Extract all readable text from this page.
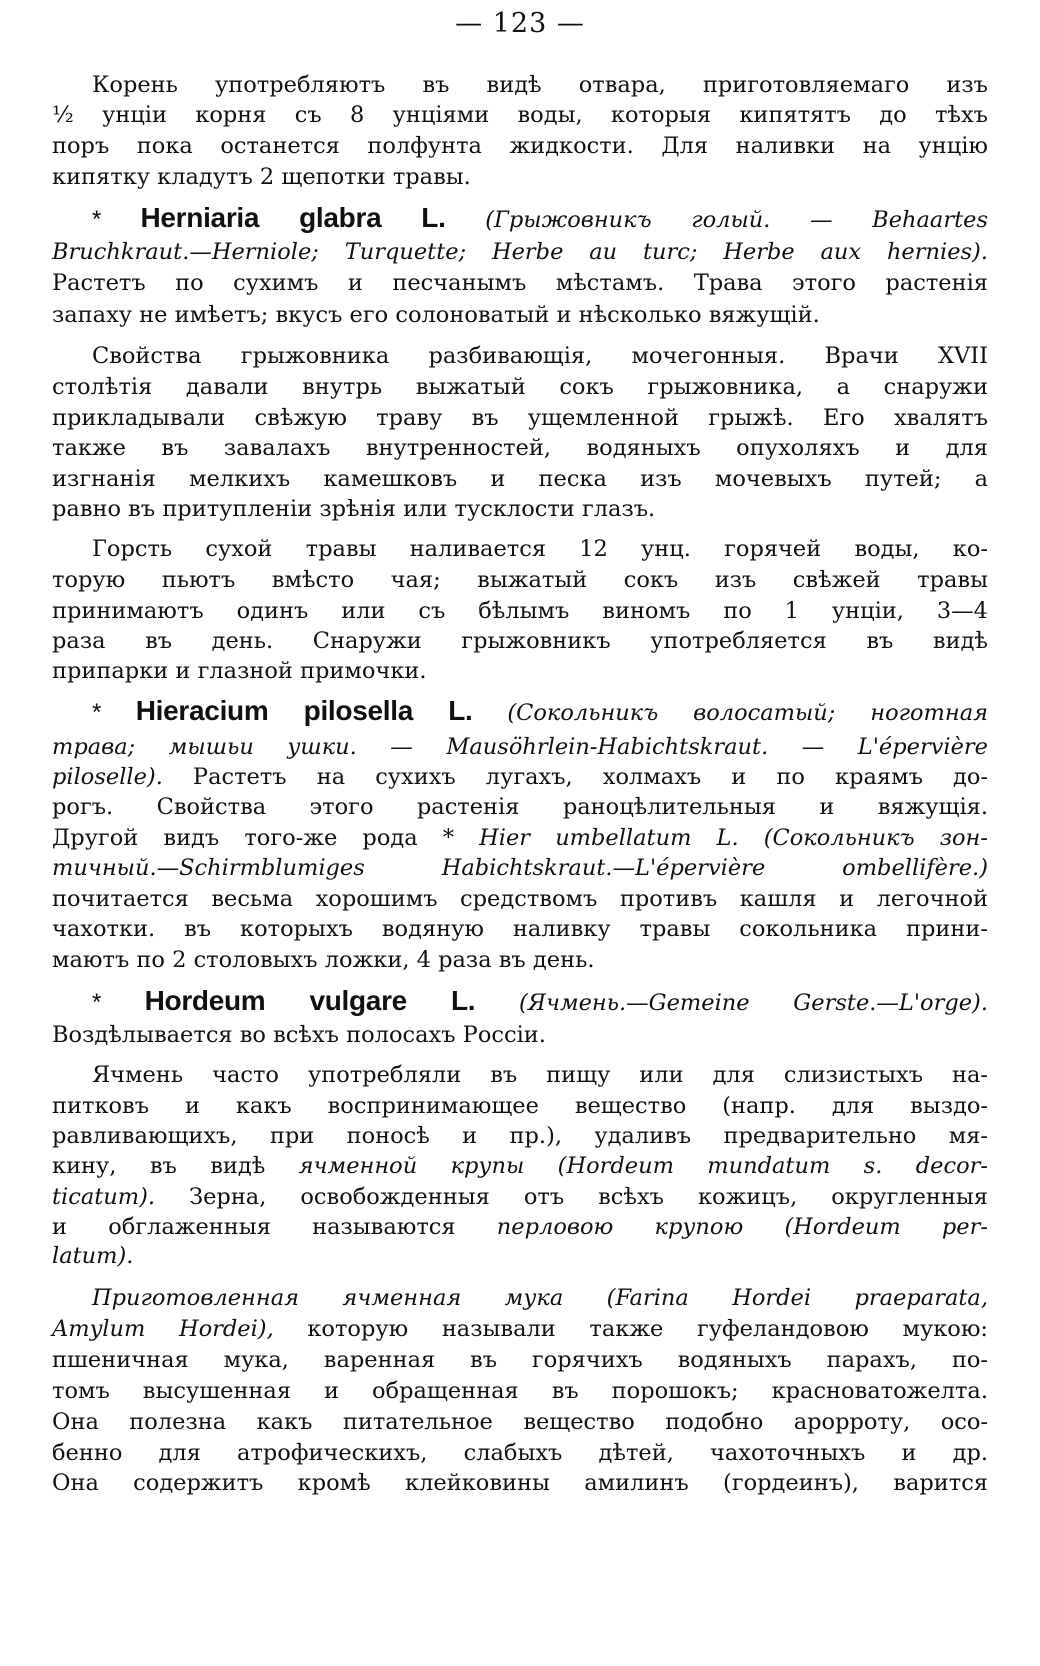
— 123 —
Корень употребляютъ въ видѣ отвара, приготовляемаго изъ
½ унціи корня съ 8 унціями воды, которыя кипятятъ до тѣхъ
поръ пока останется полфунта жидкости. Для наливки на унцію
кипятку кладутъ 2 щепотки травы.
* Herniaria glabra L. (Грыжовникъ голый. — Behaartes
Bruchkraut.—Herniole; Turquette; Herbe au turc; Herbe aux hernies).
Растетъ по сухимъ и песчанымъ мѣстамъ. Трава этого растенія
запаху не имѣетъ; вкусъ его солоноватый и нѣсколько вяжущій.
Свойства грыжовника разбивающія, мочегонныя. Врачи XVII
столѣтія давали внутрь выжатый сокъ грыжовника, а снаружи
прикладывали свѣжую траву въ ущемленной грыжѣ. Его хвалятъ
также въ завалахъ внутренностей, водяныхъ опухоляхъ и для
изгнанія мелкихъ камешковъ и песка изъ мочевыхъ путей; а
равно въ притупленіи зрѣнія или тусклости глазъ.
Горсть сухой травы наливается 12 унц. горячей воды, ко-
торую пьютъ вмѣсто чая; выжатый сокъ изъ свѣжей травы
принимаютъ одинъ или съ бѣлымъ виномъ по 1 унціи, 3—4
раза въ день. Снаружи грыжовникъ употребляется въ видѣ
припарки и глазной примочки.
* Hieracium pilosella L. (Сокольникъ волосатый; ноготная
трава; мышьи ушки. — Mausöhrlein-Habichtskraut. — L'épervière
piloselle). Растетъ на сухихъ лугахъ, холмахъ и по краямъ до-
рогъ. Свойства этого растенія раноцѣлительныя и вяжущія.
Другой видъ того-же рода * Hier umbellatum L. (Сокольникъ зон-
тичный.—Schirmblumiges Habichtskraut.—L'épervière ombellifère.)
почитается весьма хорошимъ средствомъ противъ кашля и легочной
чахотки. въ которыхъ водяную наливку травы сокольника прини-
маютъ по 2 столовыхъ ложки, 4 раза въ день.
* Hordeum vulgare L. (Ячмень.—Gemeine Gerste.—L'orge).
Воздѣлывается во всѣхъ полосахъ Россіи.
Ячмень часто употребляли въ пищу или для слизистыхъ на-
питковъ и какъ воспринимающее вещество (напр. для выздо-
равливающихъ, при поносѣ и пр.), удаливъ предварительно мя-
кину, въ видѣ ячменной крупы (Hordeum mundatum s. decor-
ticatum). Зерна, освобожденныя отъ всѣхъ кожицъ, округленныя
и обглаженныя называются перловою крупою (Hordeum per-
latum).
Приготовленная ячменная мука (Farina Hordei praeparata,
Amylum Hordei), которую называли также гуфеландовою мукою:
пшеничная мука, варенная въ горячихъ водяныхъ парахъ, по-
томъ высушенная и обращенная въ порошокъ; красноватожелта.
Она полезна какъ питательное вещество подобно арорроту, осо-
бенно для атрофическихъ, слабыхъ дѣтей, чахоточныхъ и др.
Она содержитъ кромѣ клейковины амилинъ (гордеинъ), варится
